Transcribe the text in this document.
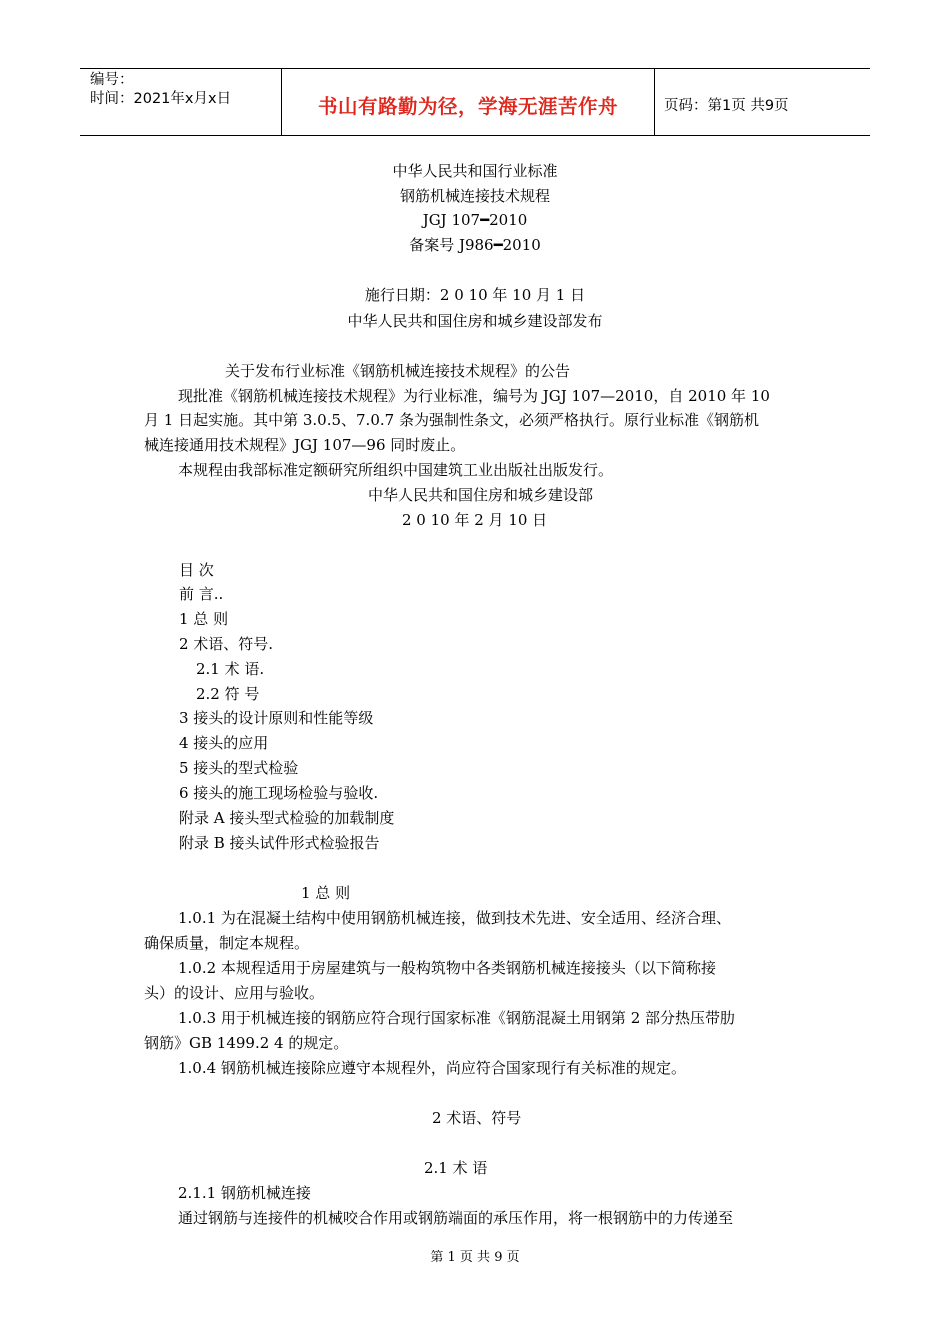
编号：
时间：2021年x月x日	书山有路勤为径，学海无涯苦作舟	页码：第1页 共9页
中华人民共和国行业标准
钢筋机械连接技术规程
JGJ 107━2010
备案号 J986━2010
施行日期：2 0 10 年 10 月 1 日
中华人民共和国住房和城乡建设部发布
关于发布行业标准《钢筋机械连接技术规程》的公告
现批准《钢筋机械连接技术规程》为行业标准，编号为 JGJ 107—2010，自 2010 年 10
月 1 日起实施。其中第 3.0.5、7.0.7 条为强制性条文，必须严格执行。原行业标准《钢筋机
械连接通用技术规程》JGJ 107—96 同时废止。
本规程由我部标准定额研究所组织中国建筑工业出版社出版发行。
中华人民共和国住房和城乡建设部
2 0 10 年 2 月 10 日
目 次
前 言..
1 总 则
2 术语、符号.
2.1 术 语.
2.2 符 号
3 接头的设计原则和性能等级
4 接头的应用
5 接头的型式检验
6 接头的施工现场检验与验收.
附录 A 接头型式检验的加载制度
附录 B 接头试件形式检验报告
1 总 则
1.0.1 为在混凝土结构中使用钢筋机械连接，做到技术先进、安全适用、经济合理、
确保质量，制定本规程。
1.0.2 本规程适用于房屋建筑与一般构筑物中各类钢筋机械连接接头（以下简称接
头）的设计、应用与验收。
1.0.3 用于机械连接的钢筋应符合现行国家标准《钢筋混凝土用钢第 2 部分热压带肋
钢筋》GB 1499.2 4 的规定。
1.0.4 钢筋机械连接除应遵守本规程外，尚应符合国家现行有关标准的规定。
2 术语、符号
2.1 术 语
2.1.1 钢筋机械连接
通过钢筋与连接件的机械咬合作用或钢筋端面的承压作用，将一根钢筋中的力传递至
第 1 页 共 9 页
